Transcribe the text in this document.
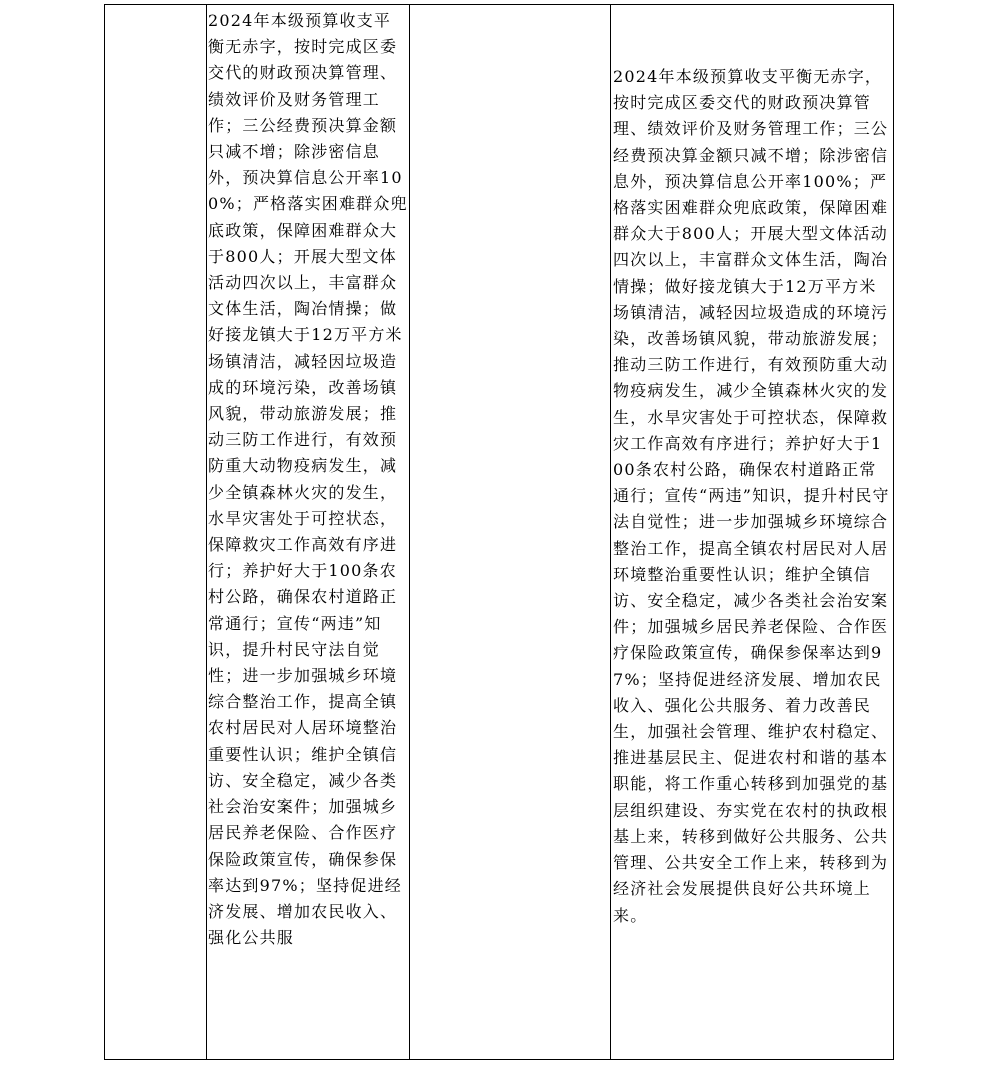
2024年本级预算收支平衡无赤字，按时完成区委交代的财政预决算管理、绩效评价及财务管理工作；三公经费预决算金额只减不增；除涉密信息外，预决算信息公开率100%；严格落实困难群众兜底政策，保障困难群众大于800人；开展大型文体活动四次以上，丰富群众文体生活，陶冶情操；做好接龙镇大于12万平方米场镇清洁，减轻因垃圾造成的环境污染，改善场镇风貌，带动旅游发展；推动三防工作进行，有效预防重大动物疫病发生，减少全镇森林火灾的发生，水旱灾害处于可控状态，保障救灾工作高效有序进行；养护好大于100条农村公路，确保农村道路正常通行；宣传“两违”知识，提升村民守法自觉性；进一步加强城乡环境综合整治工作，提高全镇农村居民对人居环境整治重要性认识；维护全镇信访、安全稳定，减少各类社会治安案件；加强城乡居民养老保险、合作医疗保险政策宣传，确保参保率达到97%；坚持促进经济发展、增加农民收入、强化公共服
2024年本级预算收支平衡无赤字，按时完成区委交代的财政预决算管理、绩效评价及财务管理工作；三公经费预决算金额只减不增；除涉密信息外，预决算信息公开率100%；严格落实困难群众兜底政策，保障困难群众大于800人；开展大型文体活动四次以上，丰富群众文体生活，陶冶情操；做好接龙镇大于12万平方米场镇清洁，减轻因垃圾造成的环境污染，改善场镇风貌，带动旅游发展；推动三防工作进行，有效预防重大动物疫病发生，减少全镇森林火灾的发生，水旱灾害处于可控状态，保障救灾工作高效有序进行；养护好大于100条农村公路，确保农村道路正常通行；宣传“两违”知识，提升村民守法自觉性；进一步加强城乡环境综合整治工作，提高全镇农村居民对人居环境整治重要性认识；维护全镇信访、安全稳定，减少各类社会治安案件；加强城乡居民养老保险、合作医疗保险政策宣传，确保参保率达到97%；坚持促进经济发展、增加农民收入、强化公共服务、着力改善民生，加强社会管理、维护农村稳定、推进基层民主、促进农村和谐的基本职能，将工作重心转移到加强党的基层组织建设、夯实党在农村的执政根基上来，转移到做好公共服务、公共管理、公共安全工作上来，转移到为经济社会发展提供良好公共环境上来。
